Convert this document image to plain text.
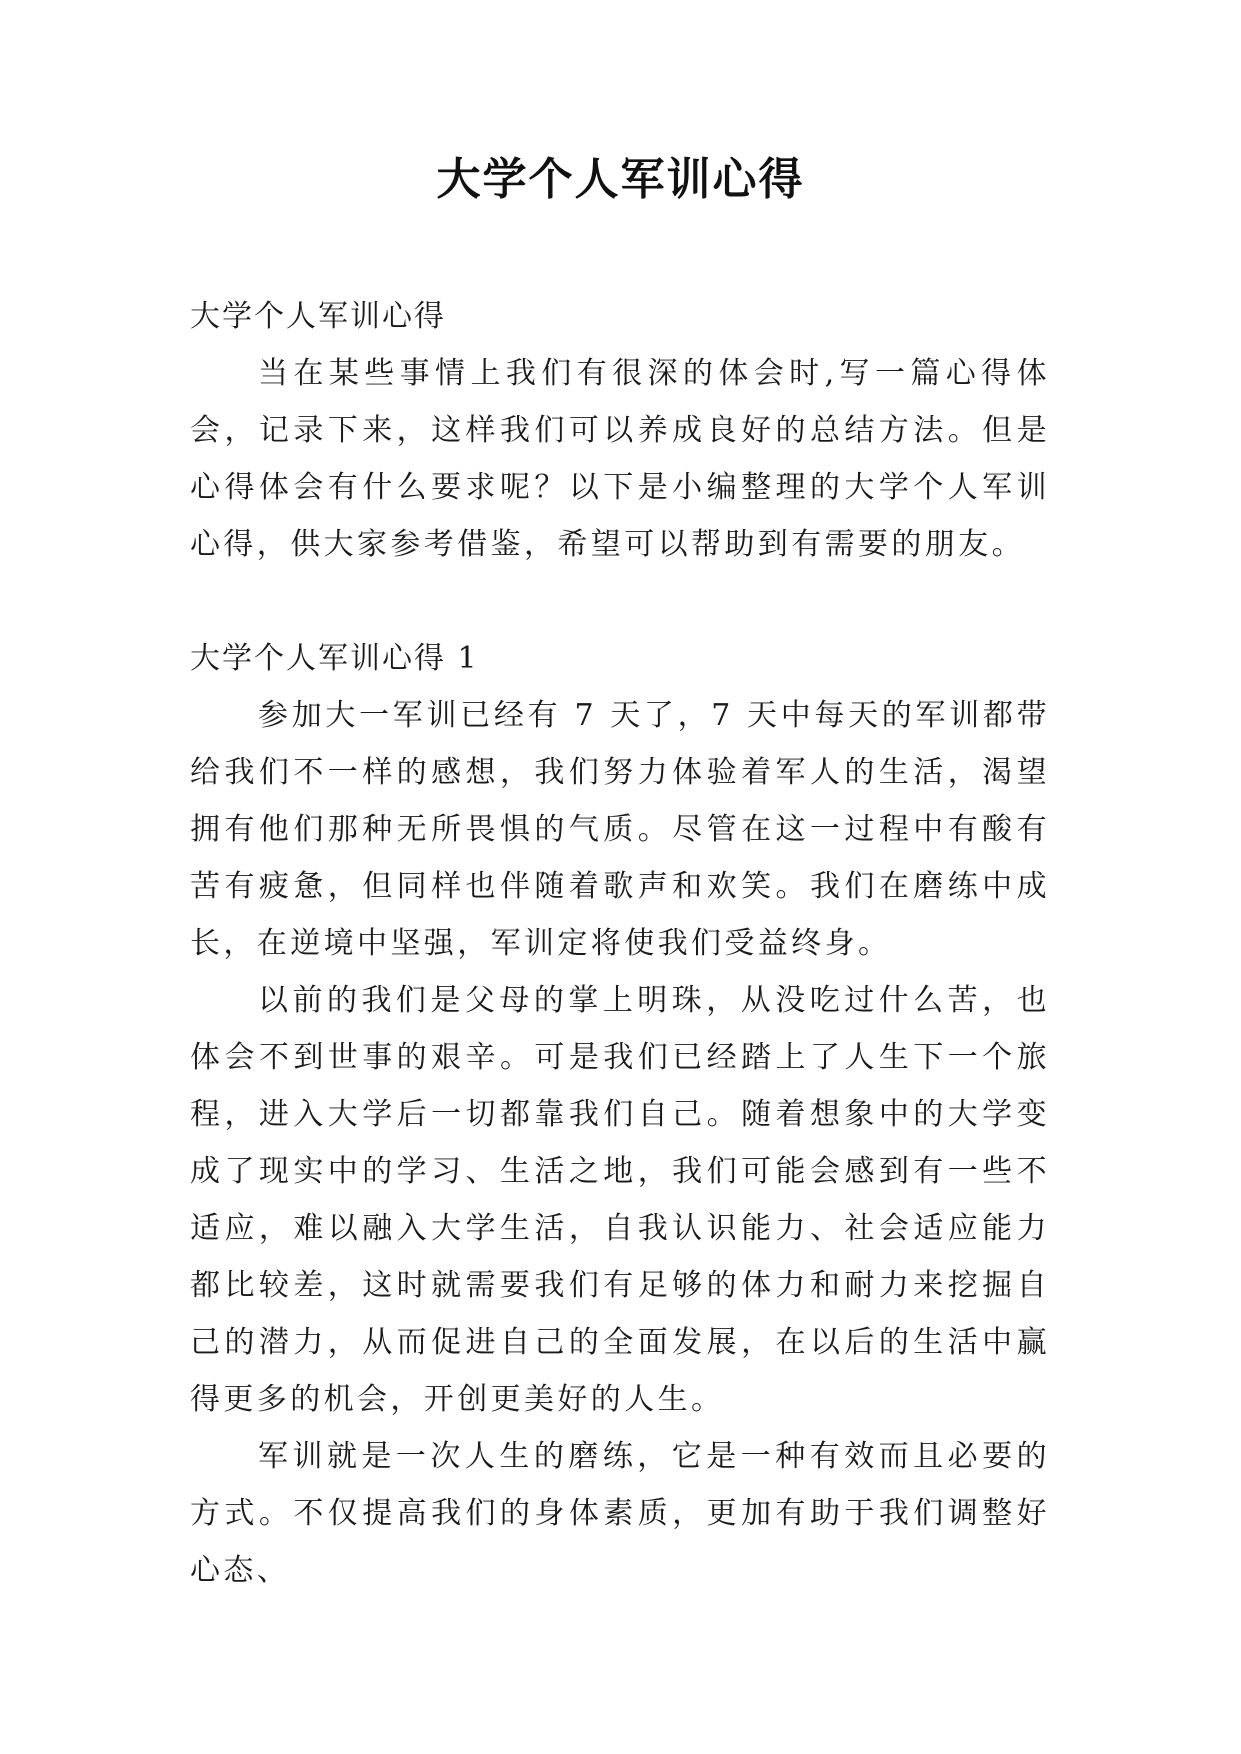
大学个人军训心得

大学个人军训心得

当在某些事情上我们有很深的体会时,写一篇心得体会，记录下来，这样我们可以养成良好的总结方法。但是心得体会有什么要求呢？以下是小编整理的大学个人军训心得，供大家参考借鉴，希望可以帮助到有需要的朋友。

大学个人军训心得 1

参加大一军训已经有 7 天了，7 天中每天的军训都带给我们不一样的感想，我们努力体验着军人的生活，渴望拥有他们那种无所畏惧的气质。尽管在这一过程中有酸有苦有疲惫，但同样也伴随着歌声和欢笑。我们在磨练中成长，在逆境中坚强，军训定将使我们受益终身。

以前的我们是父母的掌上明珠，从没吃过什么苦，也体会不到世事的艰辛。可是我们已经踏上了人生下一个旅程，进入大学后一切都靠我们自己。随着想象中的大学变成了现实中的学习、生活之地，我们可能会感到有一些不适应，难以融入大学生活，自我认识能力、社会适应能力都比较差，这时就需要我们有足够的体力和耐力来挖掘自己的潜力，从而促进自己的全面发展，在以后的生活中赢得更多的机会，开创更美好的人生。

军训就是一次人生的磨练，它是一种有效而且必要的方式。不仅提高我们的身体素质，更加有助于我们调整好心态、
